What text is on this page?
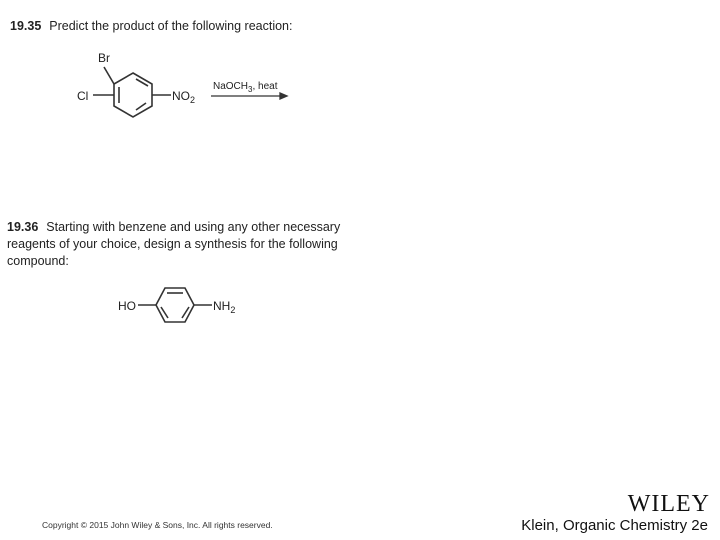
19.35 Predict the product of the following reaction:
Br
Cl	$NO_2$
NaOCH$_3$, heat
19.36 Starting with benzene and using any other necessary
reagents of your choice, design a synthesis for the following
compound:
HO	$NH_2$
Copyright © 2015 John Wiley & Sons, Inc. All rights reserved.
WILEY
Klein, Organic Chemistry 2e
